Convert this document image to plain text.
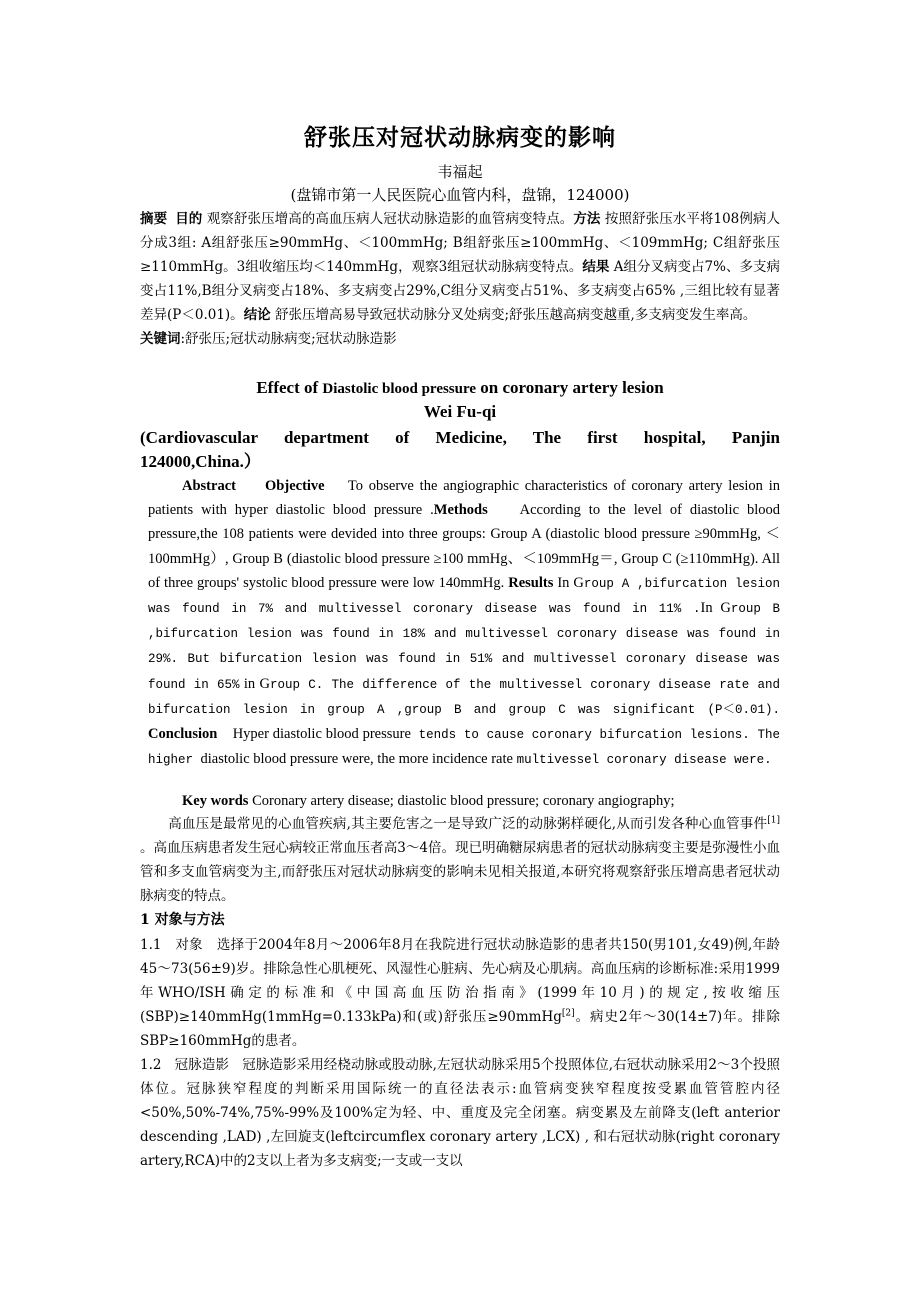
舒张压对冠状动脉病变的影响
韦福起
(盘锦市第一人民医院心血管内科，盘锦，124000)
摘要 目的 观察舒张压增高的高血压病人冠状动脉造影的血管病变特点。方法 按照舒张压水平将108例病人分成3组: A组舒张压≥90mmHg、＜100mmHg; B组舒张压≥100mmHg、＜109mmHg; C组舒张压≥110mmHg。3组收缩压均＜140mmHg，观察3组冠状动脉病变特点。结果 A组分叉病变占7%、多支病变占11%,B组分叉病变占18%、多支病变占29%,C组分叉病变占51%、多支病变占65% ,三组比较有显著差异(P＜0.01)。结论 舒张压增高易导致冠状动脉分叉处病变;舒张压越高病变越重,多支病变发生率高。
关键词:舒张压;冠状动脉病变;冠状动脉造影
Effect of Diastolic blood pressure on coronary artery lesion
Wei Fu-qi
(Cardiovascular department of Medicine, The first hospital, Panjin
124000,China.）
Abstract Objective To observe the angiographic characteristics of coronary artery lesion in patients with hyper diastolic blood pressure .Methods According to the level of diastolic blood pressure,the 108 patients were devided into three groups: Group A (diastolic blood pressure ≥90mmHg, ＜100mmHg）, Group B (diastolic blood pressure ≥100 mmHg、＜109mmHg＝, Group C (≥110mmHg). All of three groups' systolic blood pressure were low 140mmHg. Results In Group A ,bifurcation lesion was found in 7% and multivessel coronary disease was found in 11% .In Group B ,bifurcation lesion was found in 18% and multivessel coronary disease was found in 29%. But bifurcation lesion was found in 51% and multivessel coronary disease was found in 65% in Group C. The difference of the multivessel coronary disease rate and bifurcation lesion in group A ,group B and group C was significant (P＜0.01). Conclusion Hyper diastolic blood pressure tends to cause coronary bifurcation lesions. The higher diastolic blood pressure were, the more incidence rate multivessel coronary disease were.
Key words Coronary artery disease; diastolic blood pressure; coronary angiography;
高血压是最常见的心血管疾病,其主要危害之一是导致广泛的动脉粥样硬化,从而引发各种心血管事件[1] 。高血压病患者发生冠心病较正常血压者高3～4倍。现已明确糖尿病患者的冠状动脉病变主要是弥漫性小血管和多支血管病变为主,而舒张压对冠状动脉病变的影响未见相关报道,本研究将观察舒张压增高患者冠状动脉病变的特点。
1 对象与方法
1.1 对象 选择于2004年8月～2006年8月在我院进行冠状动脉造影的患者共150(男101,女49)例,年龄45～73(56±9)岁。排除急性心肌梗死、风湿性心脏病、先心病及心肌病。高血压病的诊断标准:采用1999年WHO/ISH确定的标准和《中国高血压防治指南》(1999年10月)的规定,按收缩压(SBP)≥140mmHg(1mmHg=0.133kPa)和(或)舒张压≥90mmHg[2]。病史2年～30(14±7)年。排除SBP≥160mmHg的患者。
1.2 冠脉造影 冠脉造影采用经桡动脉或股动脉,左冠状动脉采用5个投照体位,右冠状动脉采用2～3个投照体位。冠脉狭窄程度的判断采用国际统一的直径法表示:血管病变狭窄程度按受累血管管腔内径<50%,50%-74%,75%-99%及100%定为轻、中、重度及完全闭塞。病变累及左前降支(left anterior descending ,LAD) ,左回旋支(leftcircumflex coronary artery ,LCX) , 和右冠状动脉(right coronary artery,RCA)中的2支以上者为多支病变;一支或一支以
